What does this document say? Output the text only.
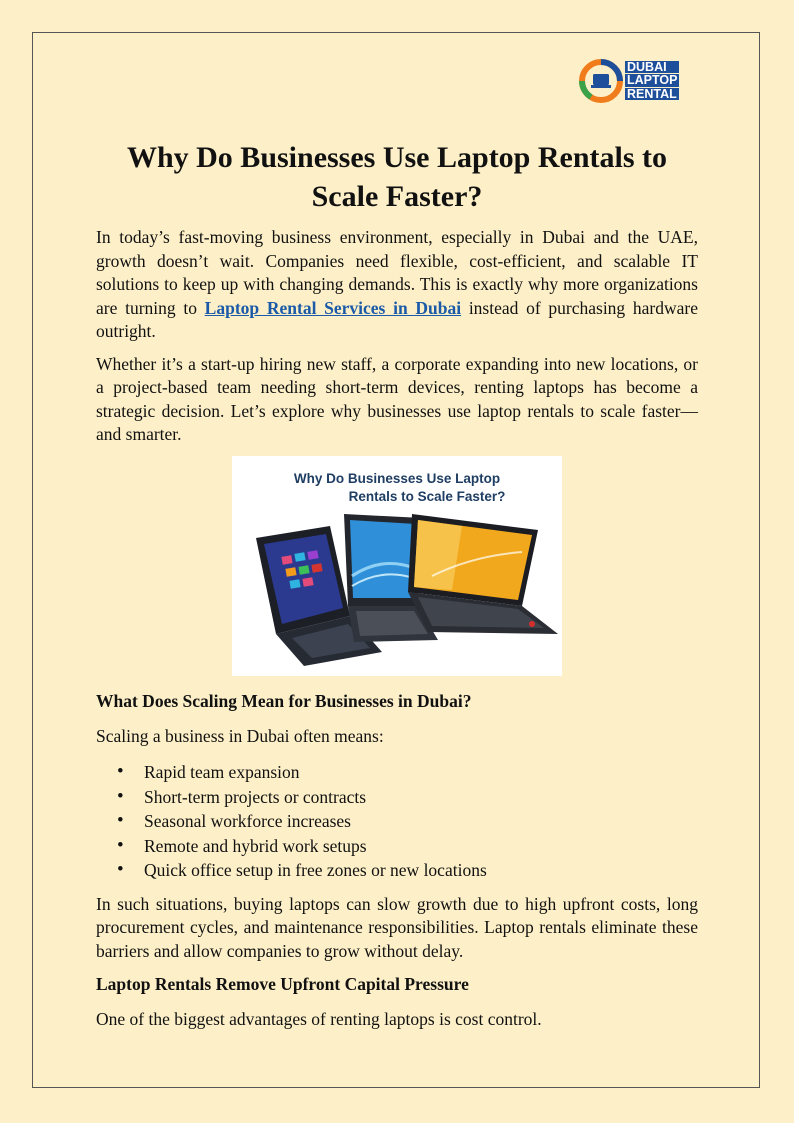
DUBAI
LAPTOP
RENTAL
Why Do Businesses Use Laptop Rentals to Scale Faster?

In today’s fast-moving business environment, especially in Dubai and the UAE, growth doesn’t wait. Companies need flexible, cost-efficient, and scalable IT solutions to keep up with changing demands. This is exactly why more organizations are turning to Laptop Rental Services in Dubai instead of purchasing hardware outright.

Whether it’s a start-up hiring new staff, a corporate expanding into new locations, or a project-based team needing short-term devices, renting laptops has become a strategic decision. Let’s explore why businesses use laptop rentals to scale faster—and smarter.

Why Do Businesses Use Laptop
Rentals to Scale Faster?
What Does Scaling Mean for Businesses in Dubai?

Scaling a business in Dubai often means:

• Rapid team expansion
• Short-term projects or contracts
• Seasonal workforce increases
• Remote and hybrid work setups
• Quick office setup in free zones or new locations

In such situations, buying laptops can slow growth due to high upfront costs, long procurement cycles, and maintenance responsibilities. Laptop rentals eliminate these barriers and allow companies to grow without delay.

Laptop Rentals Remove Upfront Capital Pressure

One of the biggest advantages of renting laptops is cost control.
